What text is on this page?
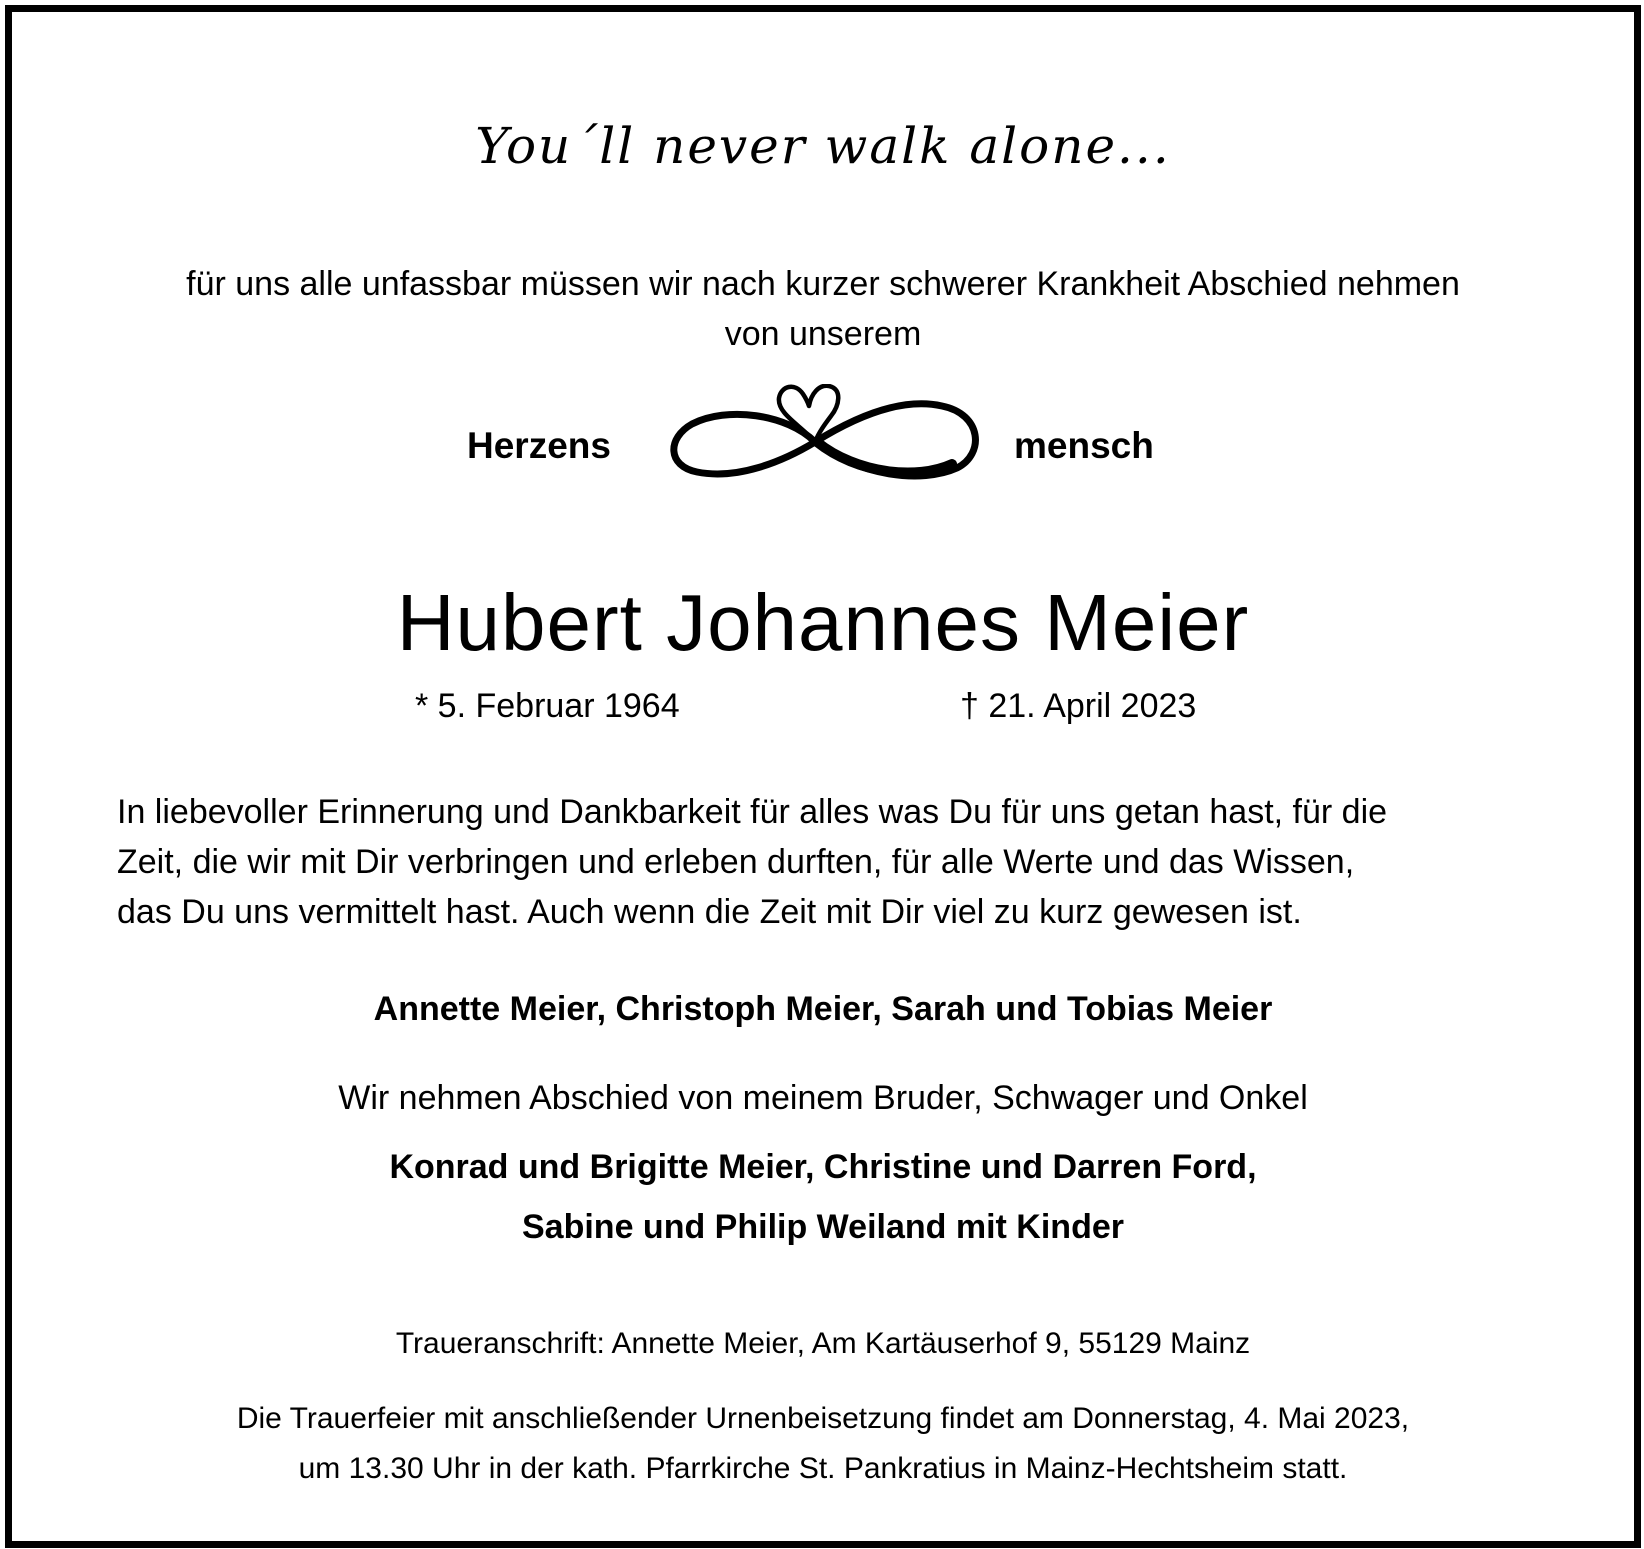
You´ll never walk alone...
für uns alle unfassbar müssen wir nach kurzer schwerer Krankheit Abschied nehmen
von unserem
Herzens	mensch
Hubert Johannes Meier
* 5. Februar 1964	† 21. April 2023
In liebevoller Erinnerung und Dankbarkeit für alles was Du für uns getan hast, für die
Zeit, die wir mit Dir verbringen und erleben durften, für alle Werte und das Wissen,
das Du uns vermittelt hast. Auch wenn die Zeit mit Dir viel zu kurz gewesen ist.
Annette Meier, Christoph Meier, Sarah und Tobias Meier
Wir nehmen Abschied von meinem Bruder, Schwager und Onkel
Konrad und Brigitte Meier, Christine und Darren Ford,
Sabine und Philip Weiland mit Kinder
Traueranschrift: Annette Meier, Am Kartäuserhof 9, 55129 Mainz
Die Trauerfeier mit anschließender Urnenbeisetzung findet am Donnerstag, 4. Mai 2023,
um 13.30 Uhr in der kath. Pfarrkirche St. Pankratius in Mainz-Hechtsheim statt.
